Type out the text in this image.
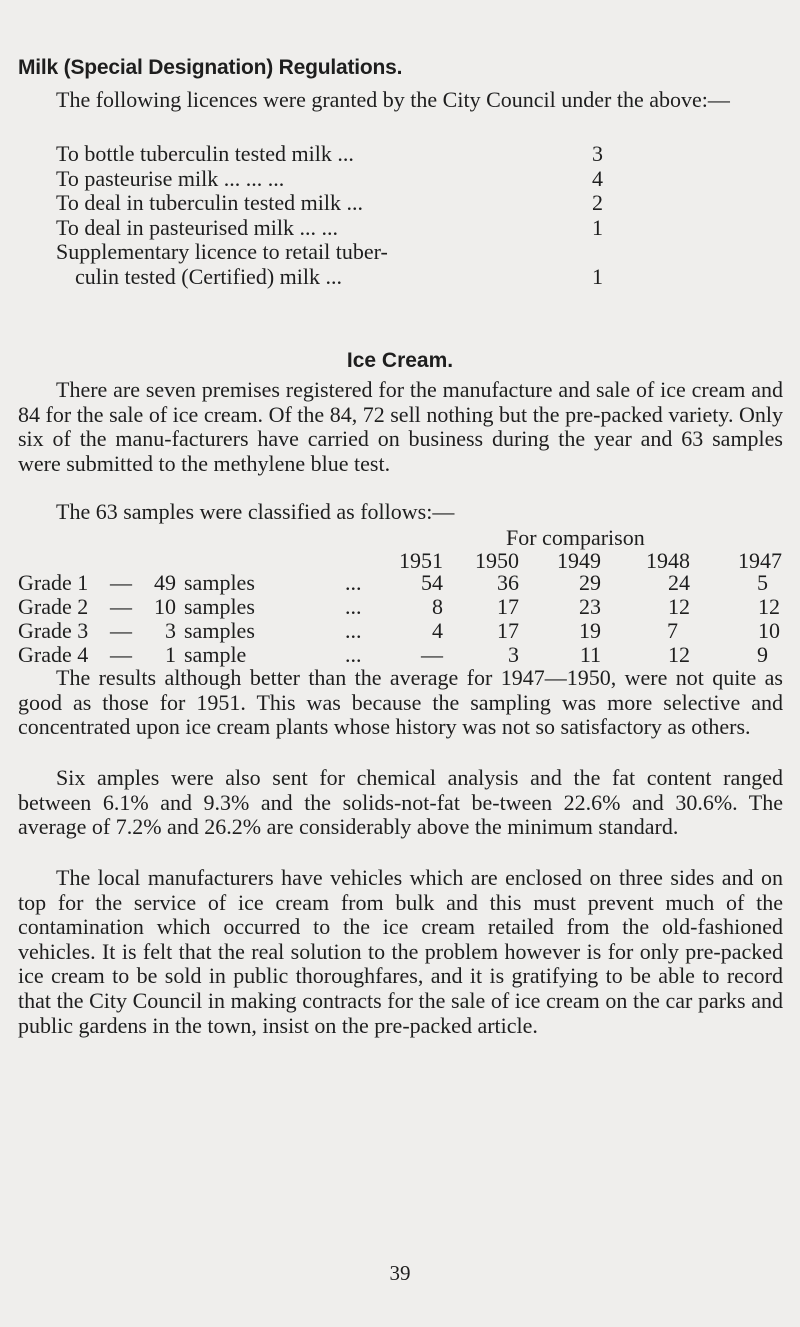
Milk (Special Designation) Regulations.
The following licences were granted by the City Council under the above:—
To bottle tuberculin tested milk ...	3
To pasteurise milk ... ... ...	4
To deal in tuberculin tested milk ...	2
To deal in pasteurised milk ... ...	1
Supplementary licence to retail tuber-
culin tested (Certified) milk ...	1
Ice Cream.
There are seven premises registered for the manufacture and sale of ice cream and 84 for the sale of ice cream. Of the 84, 72 sell nothing but the pre-packed variety. Only six of the manu-facturers have carried on business during the year and 63 samples were submitted to the methylene blue test.
The 63 samples were classified as follows:—
For comparison
1951	1950	1949	1948	1947
Grade 1 —	49 samples	...	54	36	29	24	5
Grade 2 —	10 samples	...	8	17	23	12	12
Grade 3 —	3 samples	...	4	17	19	7	10
Grade 4 —	1 sample	...	—	3	11	12	9
The results although better than the average for 1947—1950, were not quite as good as those for 1951. This was because the sampling was more selective and concentrated upon ice cream plants whose history was not so satisfactory as others.
Six amples were also sent for chemical analysis and the fat content ranged between 6.1% and 9.3% and the solids-not-fat be-tween 22.6% and 30.6%. The average of 7.2% and 26.2% are considerably above the minimum standard.
The local manufacturers have vehicles which are enclosed on three sides and on top for the service of ice cream from bulk and this must prevent much of the contamination which occurred to the ice cream retailed from the old-fashioned vehicles. It is felt that the real solution to the problem however is for only pre-packed ice cream to be sold in public thoroughfares, and it is gratifying to be able to record that the City Council in making contracts for the sale of ice cream on the car parks and public gardens in the town, insist on the pre-packed article.
39
